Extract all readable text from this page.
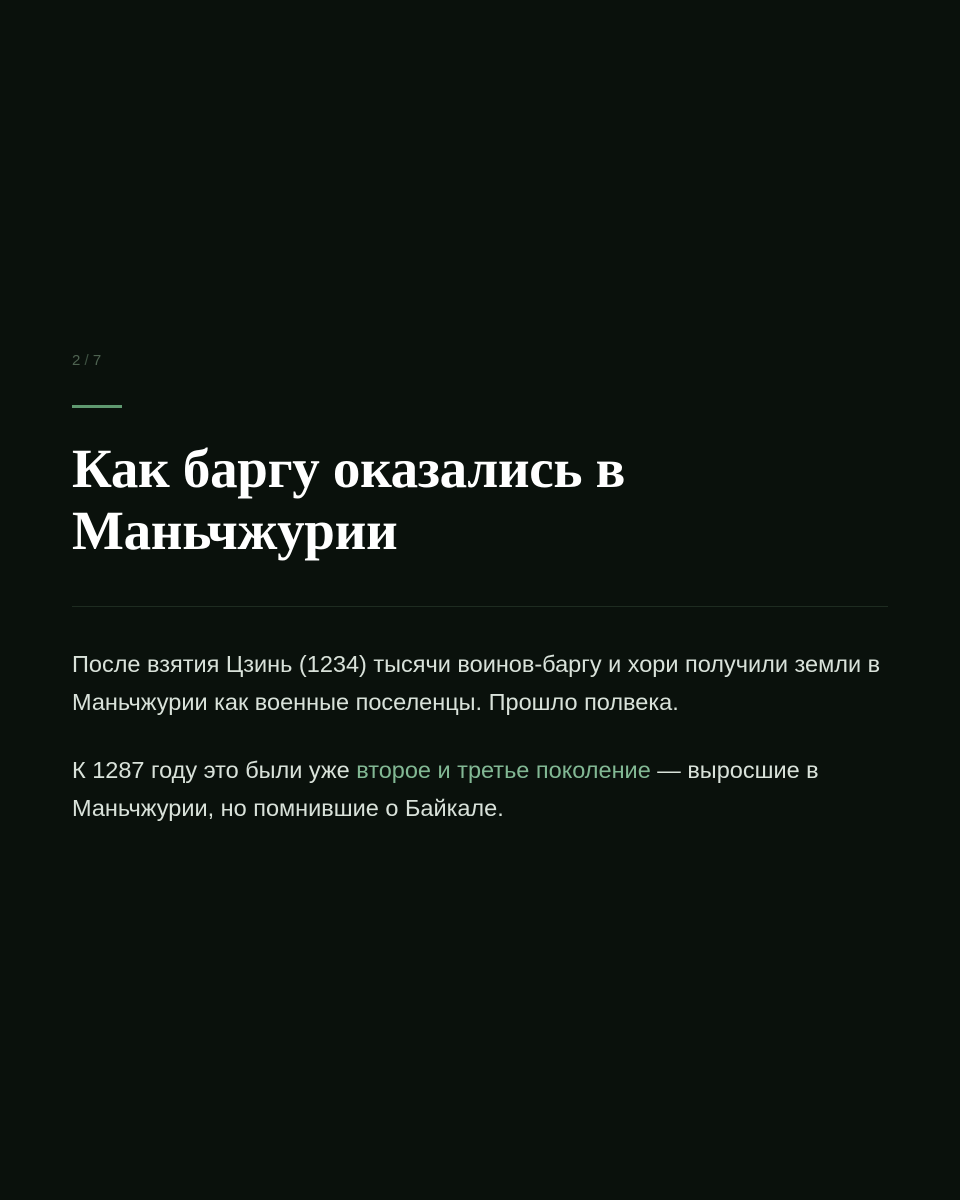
2 / 7
Как баргу оказались в Маньчжурии

После взятия Цзинь (1234) тысячи воинов-баргу и хори получили земли в Маньчжурии как военные поселенцы. Прошло полвека.

К 1287 году это были уже второе и третье поколение — выросшие в Маньчжурии, но помнившие о Байкале.
